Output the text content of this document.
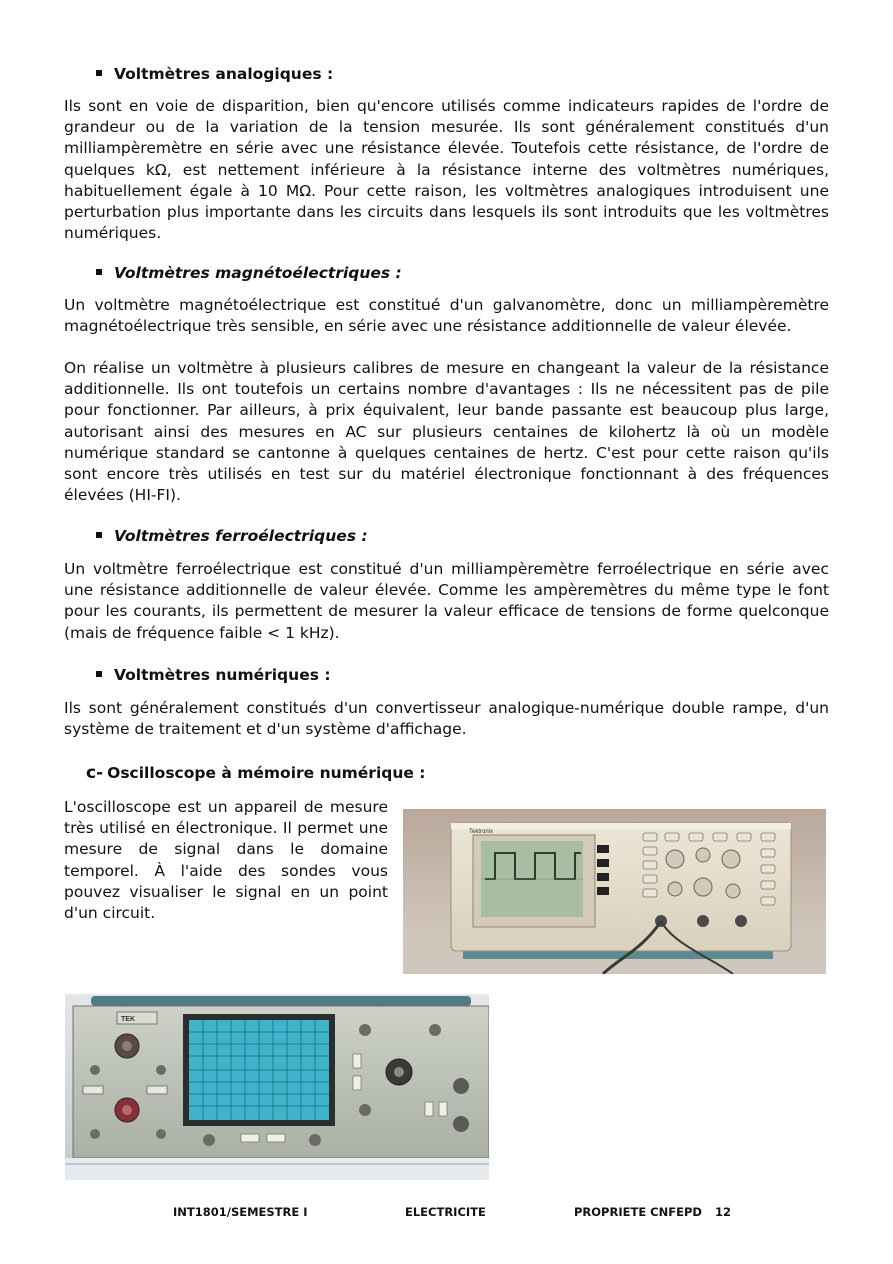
Voltmètres analogiques :

Ils sont en voie de disparition, bien qu'encore utilisés comme indicateurs rapides de l'ordre de grandeur ou de la variation de la tension mesurée. Ils sont généralement constitués d'un milliampèremètre en série avec une résistance élevée. Toutefois cette résistance, de l'ordre de quelques kΩ, est nettement inférieure à la résistance interne des voltmètres numériques, habituellement égale à 10 MΩ. Pour cette raison, les voltmètres analogiques introduisent une perturbation plus importante dans les circuits dans lesquels ils sont introduits que les voltmètres numériques.

Voltmètres magnétoélectriques :

Un voltmètre magnétoélectrique est constitué d'un galvanomètre, donc un milliampèremètre magnétoélectrique très sensible, en série avec une résistance additionnelle de valeur élevée.

On réalise un voltmètre à plusieurs calibres de mesure en changeant la valeur de la résistance additionnelle. Ils ont toutefois un certains nombre d'avantages : Ils ne nécessitent pas de pile pour fonctionner. Par ailleurs, à prix équivalent, leur bande passante est beaucoup plus large, autorisant ainsi des mesures en AC sur plusieurs centaines de kilohertz là où un modèle numérique standard se cantonne à quelques centaines de hertz. C'est pour cette raison qu'ils sont encore très utilisés en test sur du matériel électronique fonctionnant à des fréquences élevées (HI-FI).

Voltmètres ferroélectriques :

Un voltmètre ferroélectrique est constitué d'un milliampèremètre ferroélectrique en série avec une résistance additionnelle de valeur élevée. Comme les ampèremètres du même type le font pour les courants, ils permettent de mesurer la valeur efficace de tensions de forme quelconque (mais de fréquence faible < 1 kHz).

Voltmètres numériques :

Ils sont généralement constitués d'un convertisseur analogique-numérique double rampe, d'un système de traitement et d'un système d'affichage.

c- Oscilloscope à mémoire numérique :

L'oscilloscope est un appareil de mesure très utilisé en électronique. Il permet une mesure de signal dans le domaine temporel. À l'aide des sondes vous pouvez visualiser le signal en un point d'un circuit.

Tektronix
TEK
INT1801/SEMESTRE I	ELECTRICITE	PROPRIETE CNFEPD 12
